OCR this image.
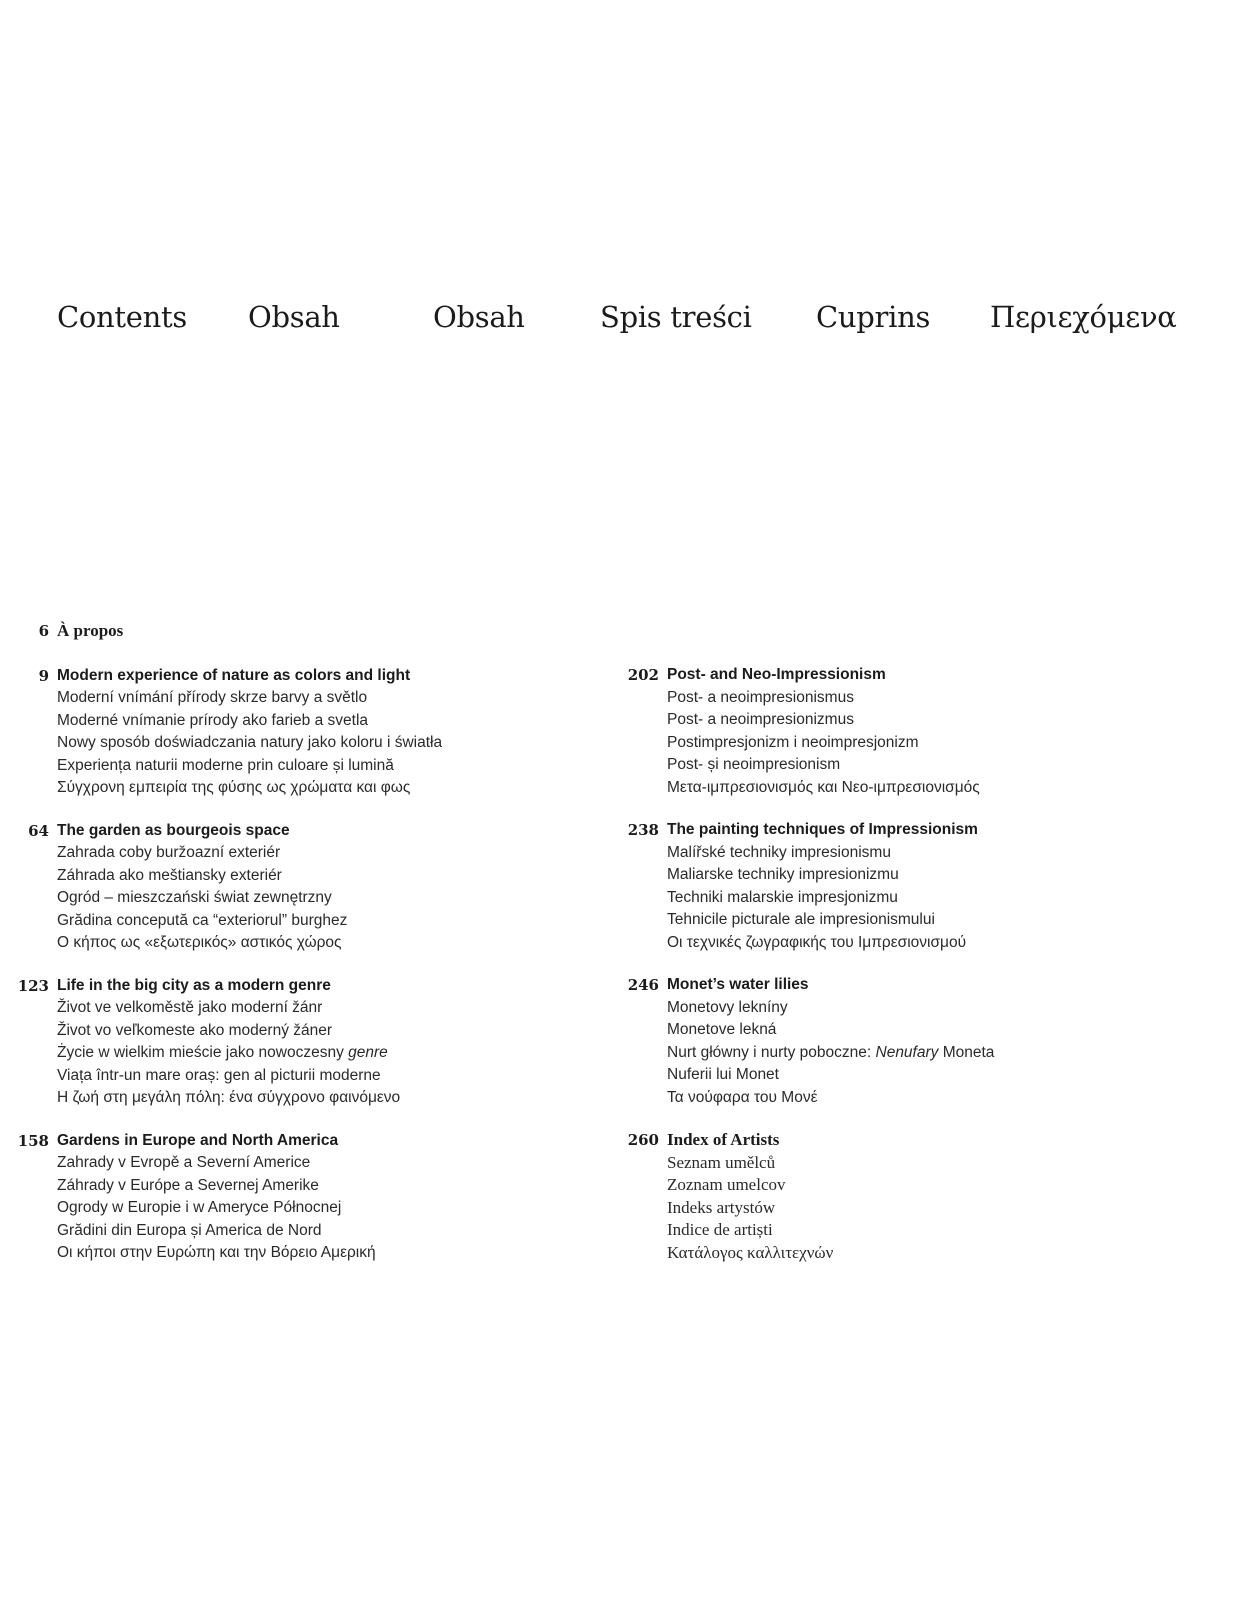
Contents Obsah	Obsah	Spis treści Cuprins Περιεχόμενα
6 À propos
9 Modern experience of nature as colors and light
Moderní vnímání přírody skrze barvy a světlo
Moderné vnímanie prírody ako farieb a svetla
Nowy sposób doświadczania natury jako koloru i światła
Experiența naturii moderne prin culoare și lumină
Σύγχρονη εμπειρία της φύσης ως χρώματα και φως
64 The garden as bourgeois space
Zahrada coby buržoazní exteriér
Záhrada ako meštiansky exteriér
Ogród – mieszczański świat zewnętrzny
Grădina concepută ca “exteriorul” burghez
Ο κήπος ως «εξωτερικός» αστικός χώρος
123 Life in the big city as a modern genre
Život ve velkoměstě jako moderní žánr
Život vo veľkomeste ako moderný žáner
Życie w wielkim mieście jako nowoczesny genre
Viața într-un mare oraș: gen al picturii moderne
Η ζωή στη μεγάλη πόλη: ένα σύγχρονο φαινόμενο
158 Gardens in Europe and North America
Zahrady v Evropě a Severní Americe
Záhrady v Európe a Severnej Amerike
Ogrody w Europie i w Ameryce Północnej
Grădini din Europa și America de Nord
Οι κήποι στην Ευρώπη και την Βόρειο Αμερική
202 Post- and Neo-Impressionism
Post- a neoimpresionismus
Post- a neoimpresionizmus
Postimpresjonizm i neoimpresjonizm
Post- și neoimpresionism
Μετα-ιμπρεσιονισμός και Νεο-ιμπρεσιονισμός
238 The painting techniques of Impressionism
Malířské techniky impresionismu
Maliarske techniky impresionizmu
Techniki malarskie impresjonizmu
Tehnicile picturale ale impresionismului
Οι τεχνικές ζωγραφικής του Ιμπρεσιονισμού
246 Monet’s water lilies
Monetovy lekníny
Monetove lekná
Nurt główny i nurty poboczne: Nenufary Moneta
Nuferii lui Monet
Τα νούφαρα του Μονέ
260 Index of Artists
Seznam umělců
Zoznam umelcov
Indeks artystów
Indice de artiști
Κατάλογος καλλιτεχνών
